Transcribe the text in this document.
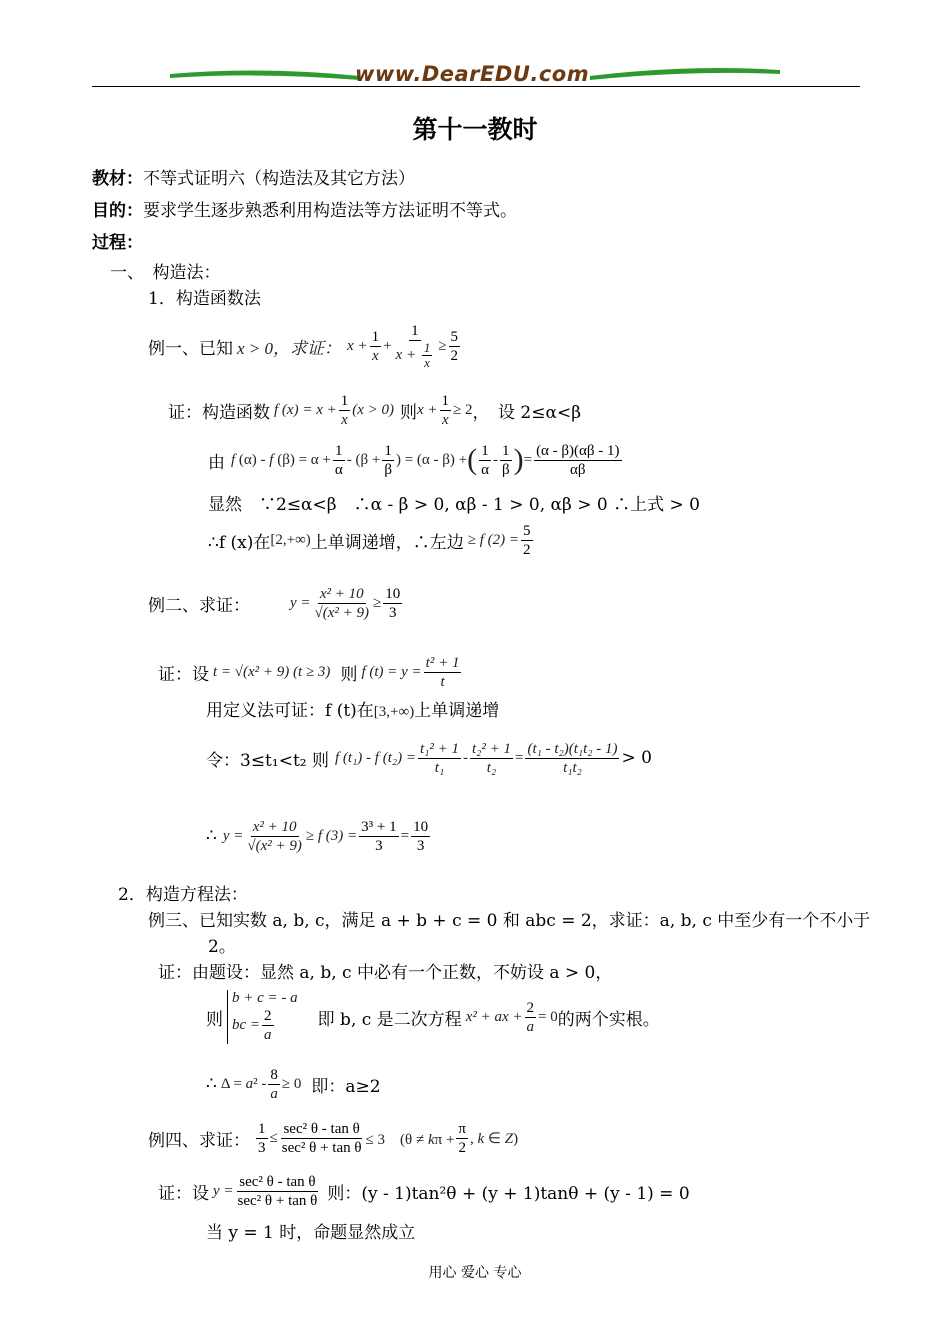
www.DearEDU.com
第十一教时
教材：不等式证明六（构造法及其它方法）
目的：要求学生逐步熟悉利用构造法等方法证明不等式。
过程：
一、　构造法：
1．构造函数法
例一、已知 x > 0，求证： $x + \frac{1}{x} + \frac{1}{x + \frac{1}{x}} \ge \frac{5}{2}$
证：构造函数 f $(x) = x + \frac{1}{x} (x > 0)$ 则 $x + \frac{1}{x} \ge 2$ ，　设 2≤α<β
由 f (α) - f $(\beta) = \alpha + \frac{1}{\alpha} - (\beta + \frac{1}{\beta}$ ) = (α - β) + ( $\frac{1}{\alpha} - \frac{1}{\beta}$ ) = $\frac{(\alpha - \beta)(\alpha\beta - 1)}{\alpha\beta}$
显然　∵2≤α<β　∴α - β > 0, αβ - 1 > 0, αβ > 0 ∴上式 > 0
∴f (x)在 [2,+∞) 上单调递增，∴左边 ≥ f $(2) = \frac{5}{2}$
例二、求证：	$y = \frac{\text{x² + 10}}{\text{√(x² + 9)}} \ge \frac{10}{3}$
证：设 t = √(x² + 9) (t ≥ 3) 则 f $(t) = y = \frac{\text{t² + 1}}{t}$
用定义法可证：f (t)在[3,+∞)上单调递增
令：3≤t₁<t₂ 则 f (t₁) - f $(t_2) = \frac{\text{t₁² + 1}}{\text{t₁}} - \frac{\text{t₂² + 1}}{\text{t₂}} = \frac{\text{(t₁ - t₂)(t₁t₂ - 1)}}{\text{t₁t₂}} > 0$
∴ $y = \frac{\text{x² + 10}}{\text{√(x² + 9)}} \ge f$ $(3) = \frac{\text{3³ + 1}}{3} = \frac{10}{3}$
2．构造方程法：
例三、已知实数 a, b, c，满足 a + b + c = 0 和 abc = 2，求证：a, b, c 中至少有一个不小于
2。
证：由题设：显然 a, b, c 中必有一个正数，不妨设 a > 0，
则
b + c = - a
bc = $\frac{2}{a}$	即 b, c 是二次方程 x² + ax + $\frac{2}{a} = 0$ 的两个实根。
∴ $\Delta = a^2 - \frac{8}{a} \ge 0$ 即：a≥2
例四、求证： $\frac{1}{3} \le \frac{\text{sec² θ - tan θ}}{\text{sec² θ + tan θ}} \le 3$　($\theta \ne k\pi + \frac{\pi}{2}$ , k ∈ Z)
证：设 $y = \frac{\text{sec² θ - tan θ}}{\text{sec² θ + tan θ}}$ 则：(y - 1)tan²θ + (y + 1)tanθ + (y - 1) = 0
当 y = 1 时，命题显然成立
用心 爱心 专心
